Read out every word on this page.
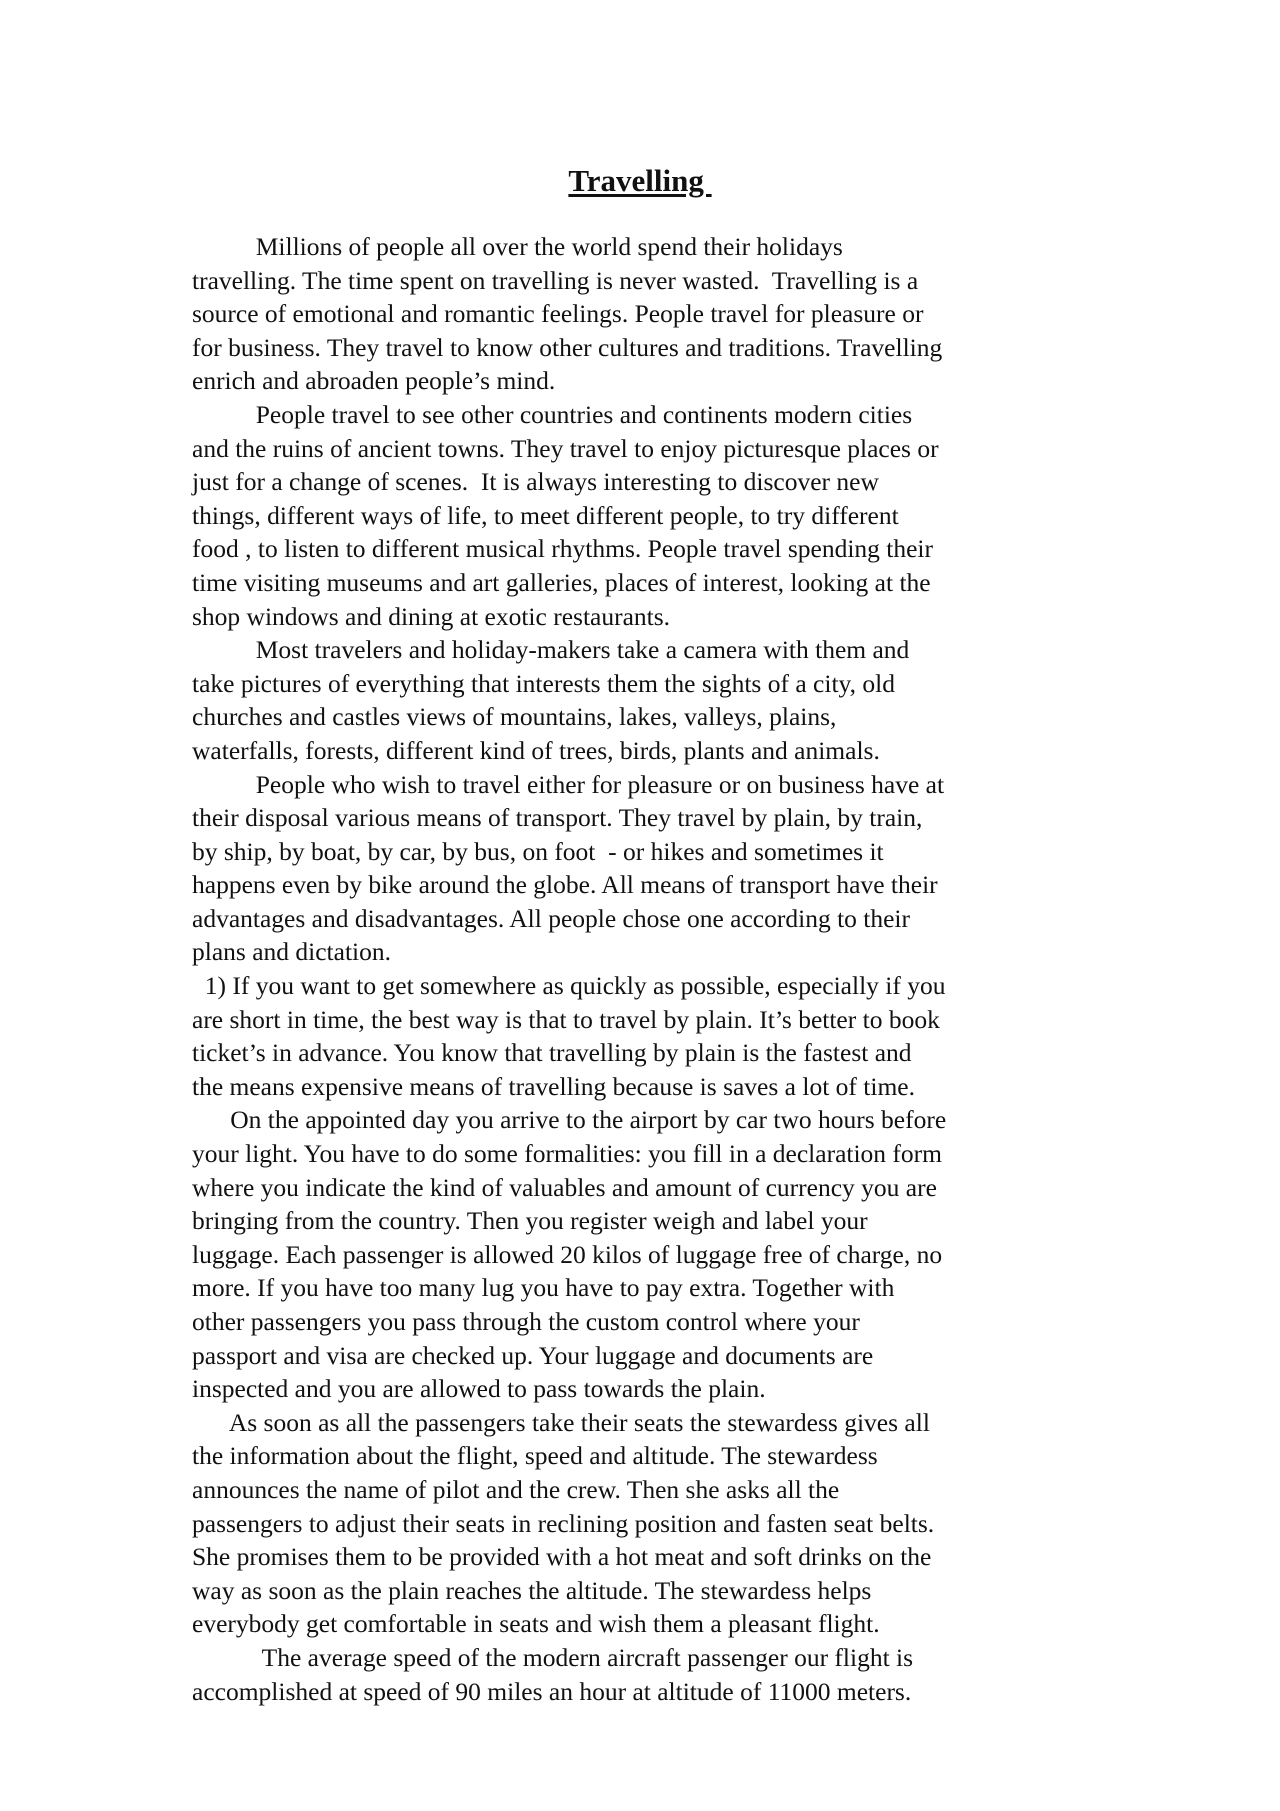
Travelling

Millions of people all over the world spend their holidays

travelling. The time spent on travelling is never wasted.  Travelling is a

source of emotional and romantic feelings. People travel for pleasure or

for business. They travel to know other cultures and traditions. Travelling

enrich and abroaden people’s mind.

People travel to see other countries and continents modern cities

and the ruins of ancient towns. They travel to enjoy picturesque places or

just for a change of scenes.  It is always interesting to discover new

things, different ways of life, to meet different people, to try different

food , to listen to different musical rhythms. People travel spending their

time visiting museums and art galleries, places of interest, looking at the

shop windows and dining at exotic restaurants.

Most travelers and holiday-makers take a camera with them and

take pictures of everything that interests them the sights of a city, old

churches and castles views of mountains, lakes, valleys, plains,

waterfalls, forests, different kind of trees, birds, plants and animals.

People who wish to travel either for pleasure or on business have at

their disposal various means of transport. They travel by plain, by train,

by ship, by boat, by car, by bus, on foot  - or hikes and sometimes it

happens even by bike around the globe. All means of transport have their

advantages and disadvantages. All people chose one according to their

plans and dictation.

1) If you want to get somewhere as quickly as possible, especially if you

are short in time, the best way is that to travel by plain. It’s better to book

ticket’s in advance. You know that travelling by plain is the fastest and

the means expensive means of travelling because is saves a lot of time.

On the appointed day you arrive to the airport by car two hours before

your light. You have to do some formalities: you fill in a declaration form

where you indicate the kind of valuables and amount of currency you are

bringing from the country. Then you register weigh and label your

luggage. Each passenger is allowed 20 kilos of luggage free of charge, no

more. If you have too many lug you have to pay extra. Together with

other passengers you pass through the custom control where your

passport and visa are checked up. Your luggage and documents are

inspected and you are allowed to pass towards the plain.

As soon as all the passengers take their seats the stewardess gives all

the information about the flight, speed and altitude. The stewardess

announces the name of pilot and the crew. Then she asks all the

passengers to adjust their seats in reclining position and fasten seat belts.

She promises them to be provided with a hot meat and soft drinks on the

way as soon as the plain reaches the altitude. The stewardess helps

everybody get comfortable in seats and wish them a pleasant flight.

The average speed of the modern aircraft passenger our flight is

accomplished at speed of 90 miles an hour at altitude of 11000 meters.
